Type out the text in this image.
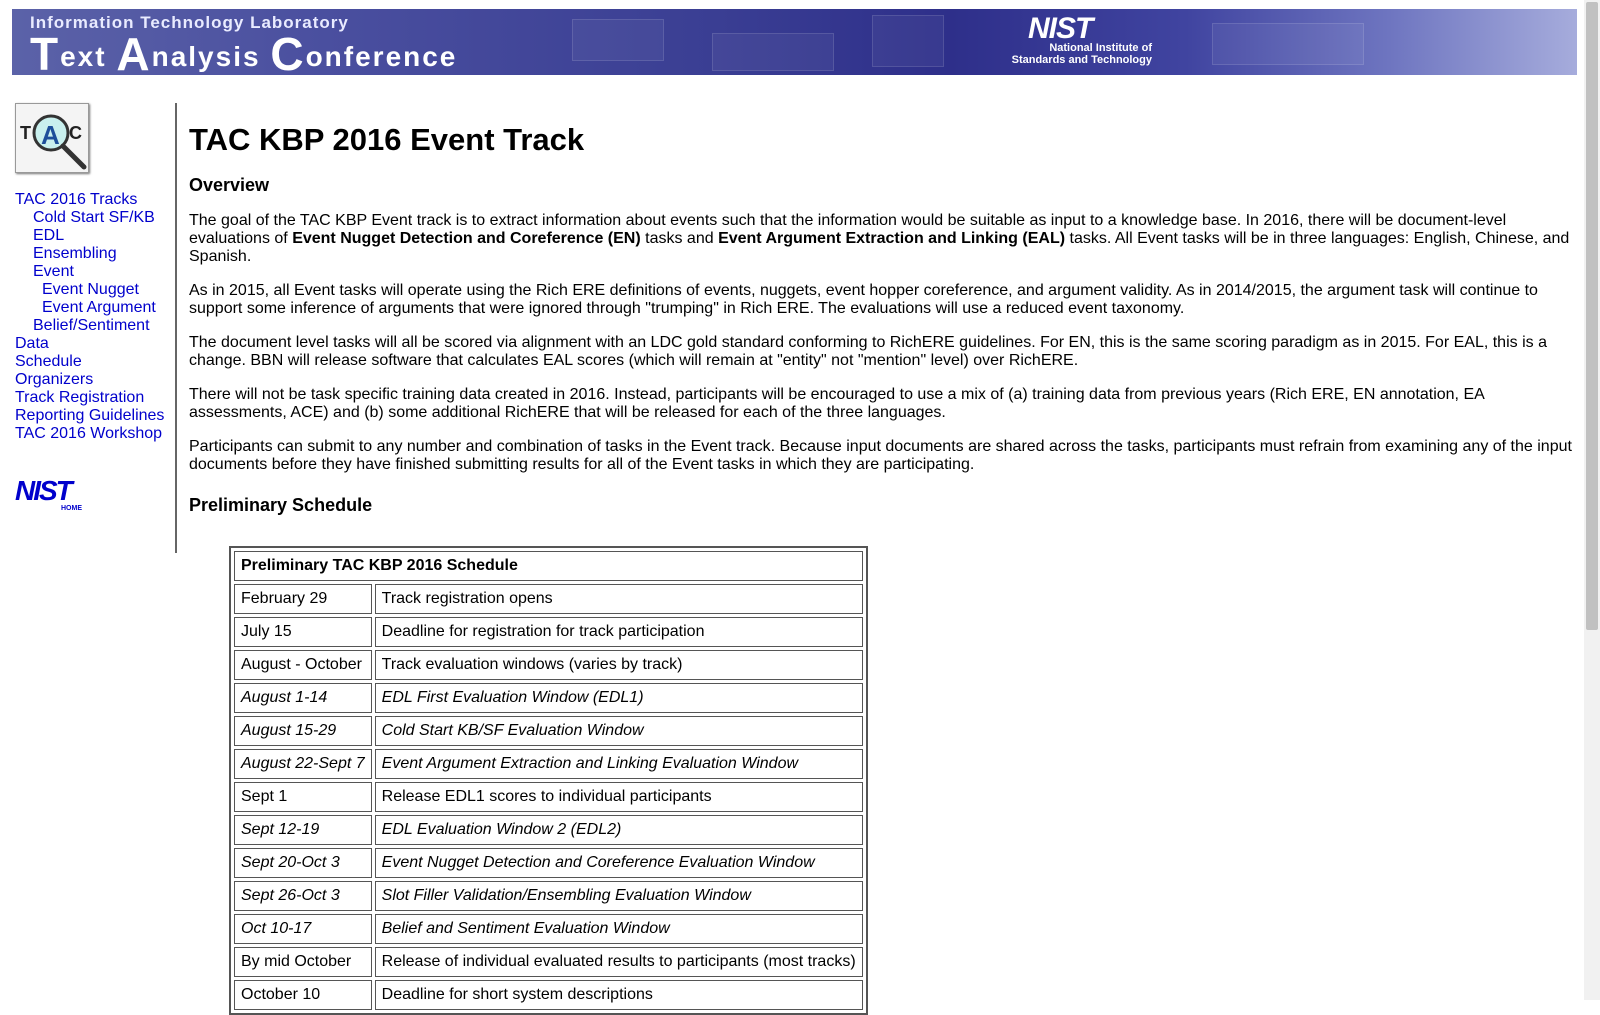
Information Technology Laboratory
Text Analysis Conference
NIST
National Institute of
Standards and Technology
T A C
TAC 2016 Tracks
Cold Start SF/KB
EDL
Ensembling
Event
Event Nugget
Event Argument
Belief/Sentiment
Data
Schedule
Organizers
Track Registration
Reporting Guidelines
TAC 2016 Workshop
NIST
HOME
TAC KBP 2016 Event Track
Overview

The goal of the TAC KBP Event track is to extract information about events such that the information would be suitable as input to a knowledge base. In 2016, there will be document-level evaluations of Event Nugget Detection and Coreference (EN) tasks and Event Argument Extraction and Linking (EAL) tasks. All Event tasks will be in three languages: English, Chinese, and Spanish.

As in 2015, all Event tasks will operate using the Rich ERE definitions of events, nuggets, event hopper coreference, and argument validity. As in 2014/2015, the argument task will continue to support some inference of arguments that were ignored through "trumping" in Rich ERE. The evaluations will use a reduced event taxonomy.

The document level tasks will all be scored via alignment with an LDC gold standard conforming to RichERE guidelines. For EN, this is the same scoring paradigm as in 2015. For EAL, this is a change. BBN will release software that calculates EAL scores (which will remain at "entity" not "mention" level) over RichERE.

There will not be task specific training data created in 2016. Instead, participants will be encouraged to use a mix of (a) training data from previous years (Rich ERE, EN annotation, EA assessments, ACE) and (b) some additional RichERE that will be released for each of the three languages.

Participants can submit to any number and combination of tasks in the Event track. Because input documents are shared across the tasks, participants must refrain from examining any of the input documents before they have finished submitting results for all of the Event tasks in which they are participating.

Preliminary Schedule
Preliminary TAC KBP 2016 Schedule	
February 29	Track registration opens
July 15	Deadline for registration for track participation
August - October	Track evaluation windows (varies by track)
August 1-14	EDL First Evaluation Window (EDL1)
August 15-29	Cold Start KB/SF Evaluation Window
August 22-Sept 7	Event Argument Extraction and Linking Evaluation Window
Sept 1	Release EDL1 scores to individual participants
Sept 12-19	EDL Evaluation Window 2 (EDL2)
Sept 20-Oct 3	Event Nugget Detection and Coreference Evaluation Window
Sept 26-Oct 3	Slot Filler Validation/Ensembling Evaluation Window
Oct 10-17	Belief and Sentiment Evaluation Window
By mid October	Release of individual evaluated results to participants (most tracks)
October 10	Deadline for short system descriptions
